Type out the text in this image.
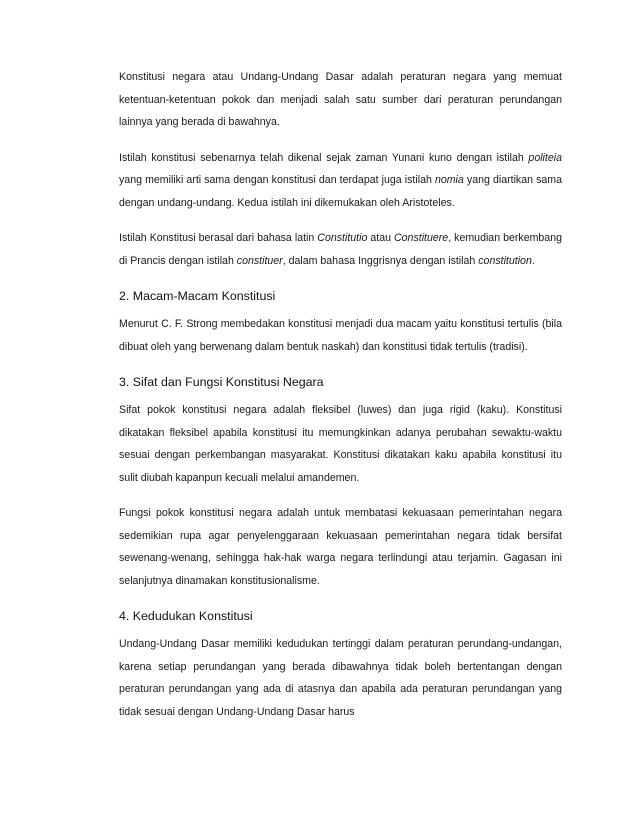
Konstitusi negara atau Undang-Undang Dasar adalah peraturan negara yang memuat ketentuan-ketentuan pokok dan menjadi salah satu sumber dari peraturan perundangan lainnya yang berada di bawahnya.

Istilah konstitusi sebenarnya telah dikenal sejak zaman Yunani kuno dengan istilah politeia yang memiliki arti sama dengan konstitusi dan terdapat juga istilah nomia yang diartikan sama dengan undang-undang. Kedua istilah ini dikemukakan oleh Aristoteles.

Istilah Konstitusi berasal dari bahasa latin Constitutio atau Constituere, kemudian berkembang di Prancis dengan istilah constituer, dalam bahasa Inggrisnya dengan istilah constitution.

2. Macam-Macam Konstitusi

Menurut C. F. Strong membedakan konstitusi menjadi dua macam yaitu konstitusi tertulis (bila dibuat oleh yang berwenang dalam bentuk naskah) dan konstitusi tidak tertulis (tradisi).

3. Sifat dan Fungsi Konstitusi Negara

Sifat pokok konstitusi negara adalah fleksibel (luwes) dan juga rigid (kaku). Konstitusi dikatakan fleksibel apabila konstitusi itu memungkinkan adanya perubahan sewaktu-waktu sesuai dengan perkembangan masyarakat. Konstitusi dikatakan kaku apabila konstitusi itu sulit diubah kapanpun kecuali melalui amandemen.

Fungsi pokok konstitusi negara adalah untuk membatasi kekuasaan pemerintahan negara sedemikian rupa agar penyelenggaraan kekuasaan pemerintahan negara tidak bersifat sewenang-wenang, sehingga hak-hak warga negara terlindungi atau terjamin. Gagasan ini selanjutnya dinamakan konstitusionalisme.

4. Kedudukan Konstitusi

Undang-Undang Dasar memiliki kedudukan tertinggi dalam peraturan perundang-undangan, karena setiap perundangan yang berada dibawahnya tidak boleh bertentangan dengan peraturan perundangan yang ada di atasnya dan apabila ada peraturan perundangan yang tidak sesuai dengan Undang-Undang Dasar harus
